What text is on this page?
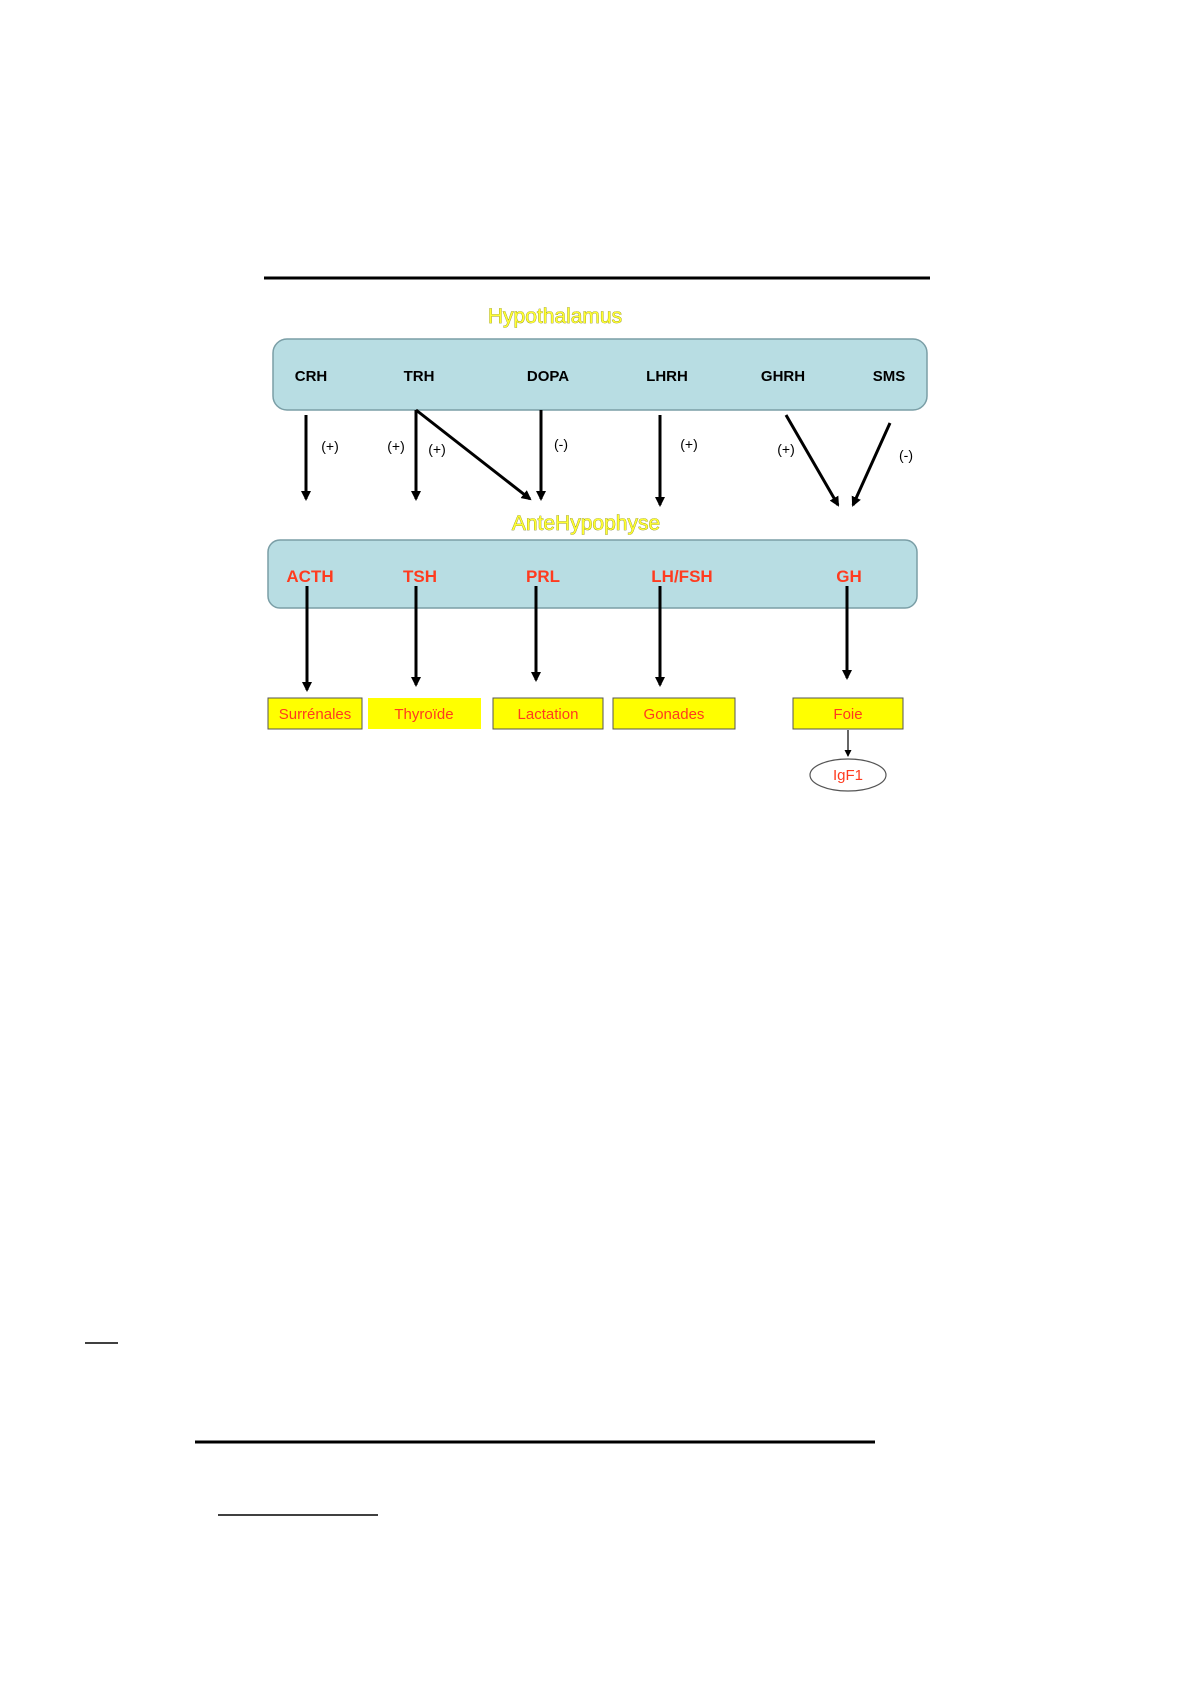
Hypothalamus
CRH	TRH	DOPA	LHRH	GHRH	SMS
(+)	(+) (+)	(-)	(+)	(+)	(-)
AnteHypophyse
ACTH	TSH	PRL	LH/FSH	GH
Surrénales	Thyroïde	Lactation	Gonades	Foie
IgF1
